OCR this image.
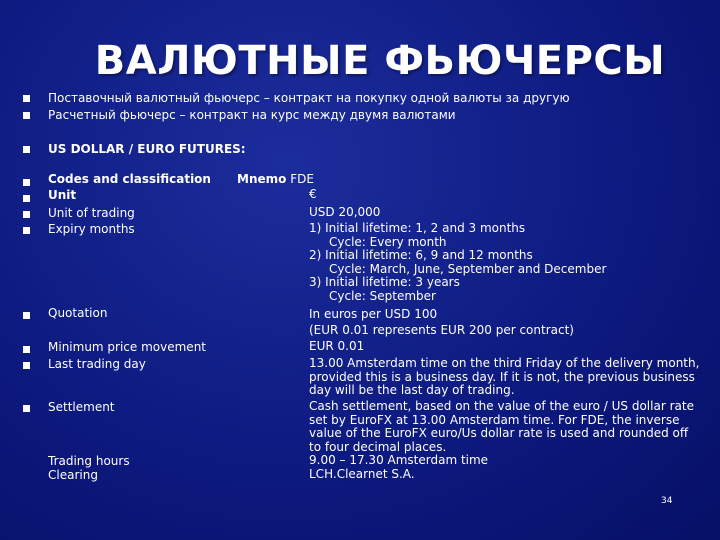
ВАЛЮТНЫЕ ФЬЮЧЕРСЫ
Поставочный валютный фьючерс – контракт на покупку одной валюты за другую
Расчетный фьючерс – контракт на курс между двумя валютами
US DOLLAR / EURO FUTURES:
Codes and classification
Unit
Unit of trading
Expiry months
Mnemo FDE
€
USD 20,000
1) Initial lifetime: 1, 2 and 3 months
Cycle: Every month
2) Initial lifetime: 6, 9 and 12 months
Cycle: March, June, September and December
3) Initial lifetime: 3 years
Cycle: September
Quotation	In euros per USD 100
(EUR 0.01 represents EUR 200 per contract)
Minimum price movement
Last trading day
EUR 0.01
13.00 Amsterdam time on the third Friday of the delivery month,
provided this is a business day. If it is not, the previous business
day will be the last day of trading.
Settlement	Cash settlement, based on the value of the euro / US dollar rate
set by EuroFX at 13.00 Amsterdam time. For FDE, the inverse
value of the EuroFX euro/Us dollar rate is used and rounded off
to four decimal places.
Trading hours
Clearing
9.00 – 17.30 Amsterdam time
LCH.Clearnet S.A.
34
